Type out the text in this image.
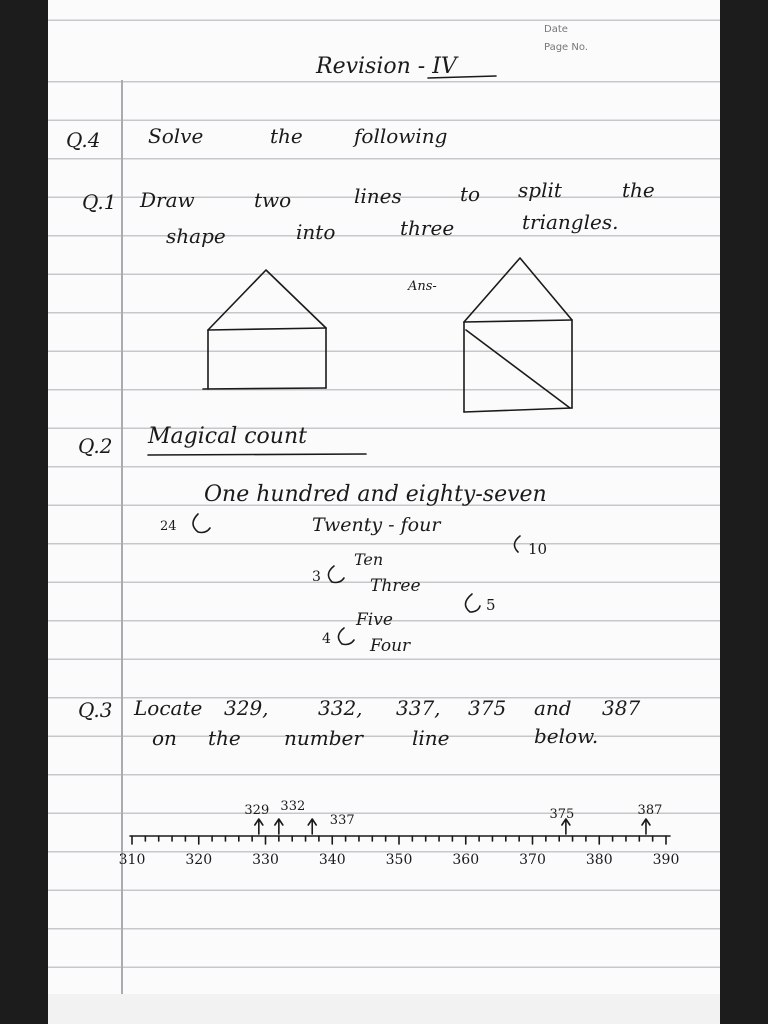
Date
Page No.
Revision - IV
Q.4 Solve	the	following
Q.1 Draw	two	lines	to split	the
shape	into	three	triangles.
Ans-
Q.2 Magical count
One hundred and eighty-seven
24	Twenty - four
Ten
10
3	Three
5
Five
4 Four
Q.3 Locate 329, 332, 337, 375 and 387
on the number line	below.
310	320	330	340	350	360	370	380	390
329 332
337	375	387
